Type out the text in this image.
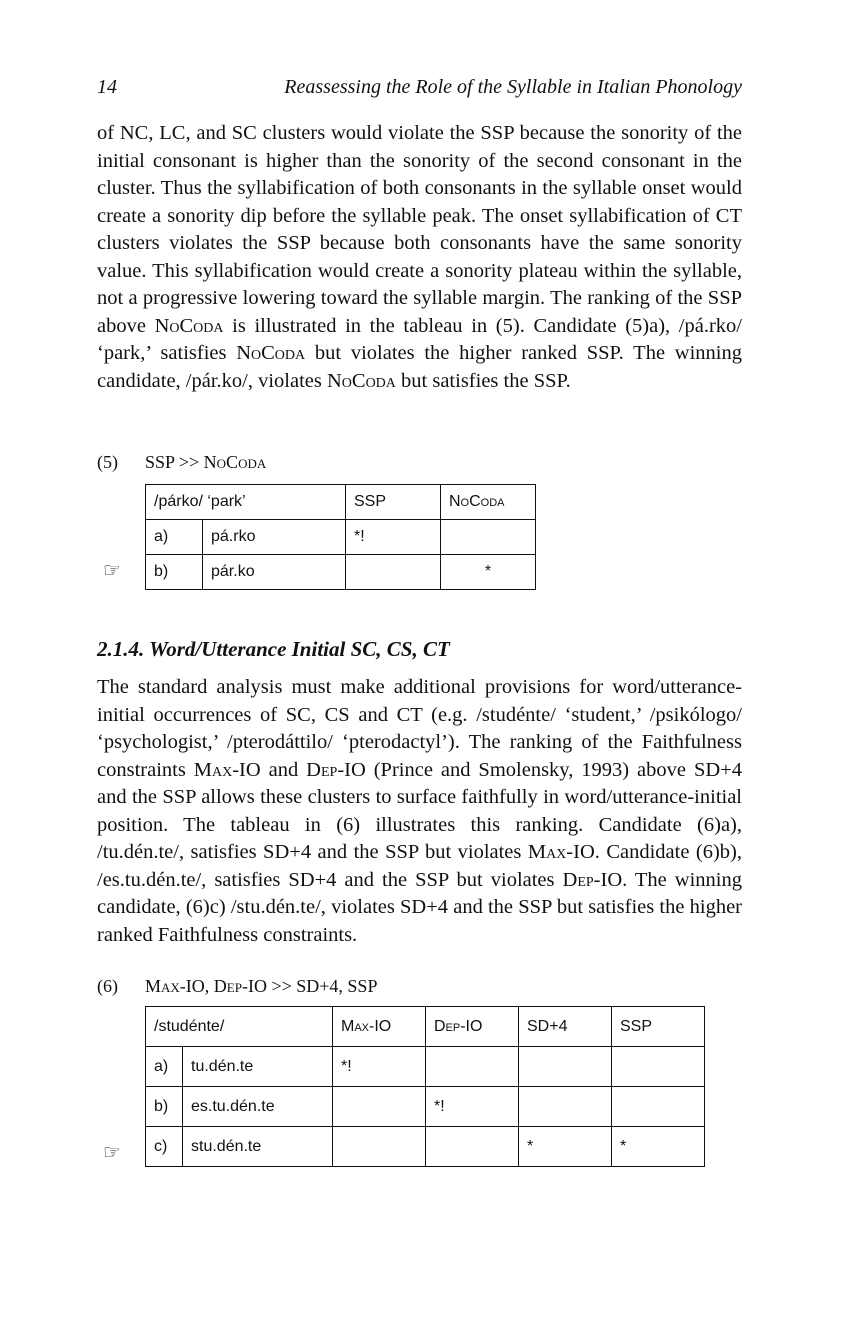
14	Reassessing the Role of the Syllable in Italian Phonology

of NC, LC, and SC clusters would violate the SSP because the sonority of the initial consonant is higher than the sonority of the second consonant in the cluster. Thus the syllabification of both consonants in the syllable onset would create a sonority dip before the syllable peak. The onset syllabification of CT clusters violates the SSP because both consonants have the same sonority value. This syllabification would create a sonority plateau within the syllable, not a progressive lowering toward the syllable margin. The ranking of the SSP above NoCoda is illustrated in the tableau in (5). Candidate (5)a), /pá.rko/ ‘park,’ satisfies NoCoda but violates the higher ranked SSP. The winning candidate, /pár.ko/, violates NoCoda but satisfies the SSP.

(5) SSP >> NoCoda
/párko/ ‘park’		SSP	NoCoda
a)	pá.rko	*!	
b)	pár.ko		*
☞
2.1.4. Word/Utterance Initial SC, CS, CT

The standard analysis must make additional provisions for word/utterance-initial occurrences of SC, CS and CT (e.g. /studénte/ ‘student,’ /psikólogo/ ‘psychologist,’ /pterodáttilo/ ‘pterodactyl’). The ranking of the Faithfulness constraints Max-IO and Dep-IO (Prince and Smolensky, 1993) above SD+4 and the SSP allows these clusters to surface faithfully in word/utterance-initial position. The tableau in (6) illustrates this ranking. Candidate (6)a), /tu.dén.te/, satisfies SD+4 and the SSP but violates Max-IO. Candidate (6)b), /es.tu.dén.te/, satisfies SD+4 and the SSP but violates Dep-IO. The winning candidate, (6)c) /stu.dén.te/, violates SD+4 and the SSP but satisfies the higher ranked Faithfulness constraints.

(6) Max-IO, Dep-IO >> SD+4, SSP
/studénte/		Max-IO	Dep-IO	SD+4	SSP
a)	tu.dén.te	*!			
b)	es.tu.dén.te		*!		
c)	stu.dén.te			*	*
☞
